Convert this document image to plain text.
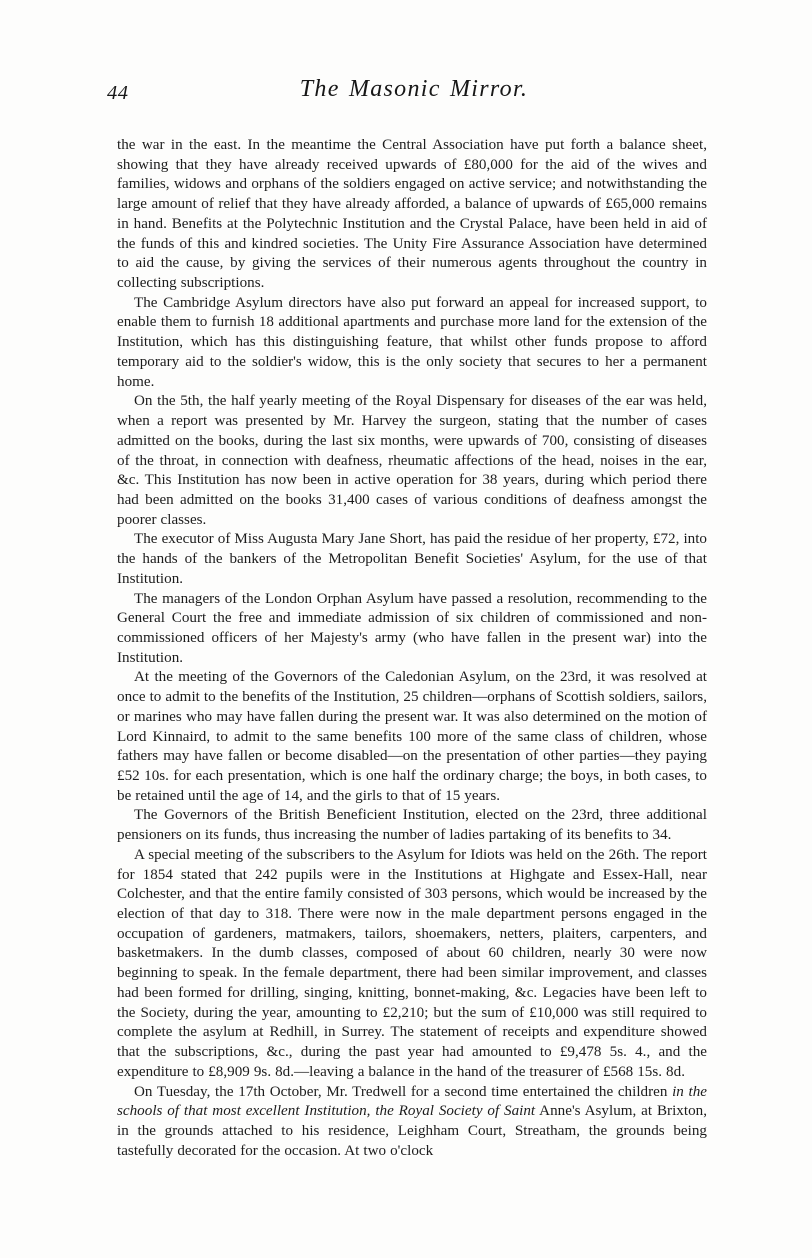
44	The Masonic Mirror.

the war in the east. In the meantime the Central Association have put forth a balance sheet, showing that they have already received upwards of £80,000 for the aid of the wives and families, widows and orphans of the soldiers engaged on active service; and notwithstanding the large amount of relief that they have already afforded, a balance of upwards of £65,000 remains in hand. Benefits at the Polytechnic Institution and the Crystal Palace, have been held in aid of the funds of this and kindred societies. The Unity Fire Assurance Association have determined to aid the cause, by giving the services of their numerous agents throughout the country in collecting subscriptions.

The Cambridge Asylum directors have also put forward an appeal for increased support, to enable them to furnish 18 additional apartments and purchase more land for the extension of the Institution, which has this distinguishing feature, that whilst other funds propose to afford temporary aid to the soldier's widow, this is the only society that secures to her a permanent home.

On the 5th, the half yearly meeting of the Royal Dispensary for diseases of the ear was held, when a report was presented by Mr. Harvey the surgeon, stating that the number of cases admitted on the books, during the last six months, were upwards of 700, consisting of diseases of the throat, in connection with deafness, rheumatic affections of the head, noises in the ear, &c. This Institution has now been in active operation for 38 years, during which period there had been admitted on the books 31,400 cases of various conditions of deafness amongst the poorer classes.

The executor of Miss Augusta Mary Jane Short, has paid the residue of her property, £72, into the hands of the bankers of the Metropolitan Benefit Societies' Asylum, for the use of that Institution.

The managers of the London Orphan Asylum have passed a resolution, recommending to the General Court the free and immediate admission of six children of commissioned and non-commissioned officers of her Majesty's army (who have fallen in the present war) into the Institution.

At the meeting of the Governors of the Caledonian Asylum, on the 23rd, it was resolved at once to admit to the benefits of the Institution, 25 children—orphans of Scottish soldiers, sailors, or marines who may have fallen during the present war. It was also determined on the motion of Lord Kinnaird, to admit to the same benefits 100 more of the same class of children, whose fathers may have fallen or become disabled—on the presentation of other parties—they paying £52 10s. for each presentation, which is one half the ordinary charge; the boys, in both cases, to be retained until the age of 14, and the girls to that of 15 years.

The Governors of the British Beneficient Institution, elected on the 23rd, three additional pensioners on its funds, thus increasing the number of ladies partaking of its benefits to 34.

A special meeting of the subscribers to the Asylum for Idiots was held on the 26th. The report for 1854 stated that 242 pupils were in the Institutions at Highgate and Essex-Hall, near Colchester, and that the entire family consisted of 303 persons, which would be increased by the election of that day to 318. There were now in the male department persons engaged in the occupation of gardeners, matmakers, tailors, shoemakers, netters, plaiters, carpenters, and basketmakers. In the dumb classes, composed of about 60 children, nearly 30 were now beginning to speak. In the female department, there had been similar improvement, and classes had been formed for drilling, singing, knitting, bonnet-making, &c. Legacies have been left to the Society, during the year, amounting to £2,210; but the sum of £10,000 was still required to complete the asylum at Redhill, in Surrey. The statement of receipts and expenditure showed that the subscriptions, &c., during the past year had amounted to £9,478 5s. 4., and the expenditure to £8,909 9s. 8d.—leaving a balance in the hand of the treasurer of £568 15s. 8d.

On Tuesday, the 17th October, Mr. Tredwell for a second time entertained the children in the schools of that most excellent Institution, the Royal Society of Saint Anne's Asylum, at Brixton, in the grounds attached to his residence, Leighham Court, Streatham, the grounds being tastefully decorated for the occasion. At two o'clock
